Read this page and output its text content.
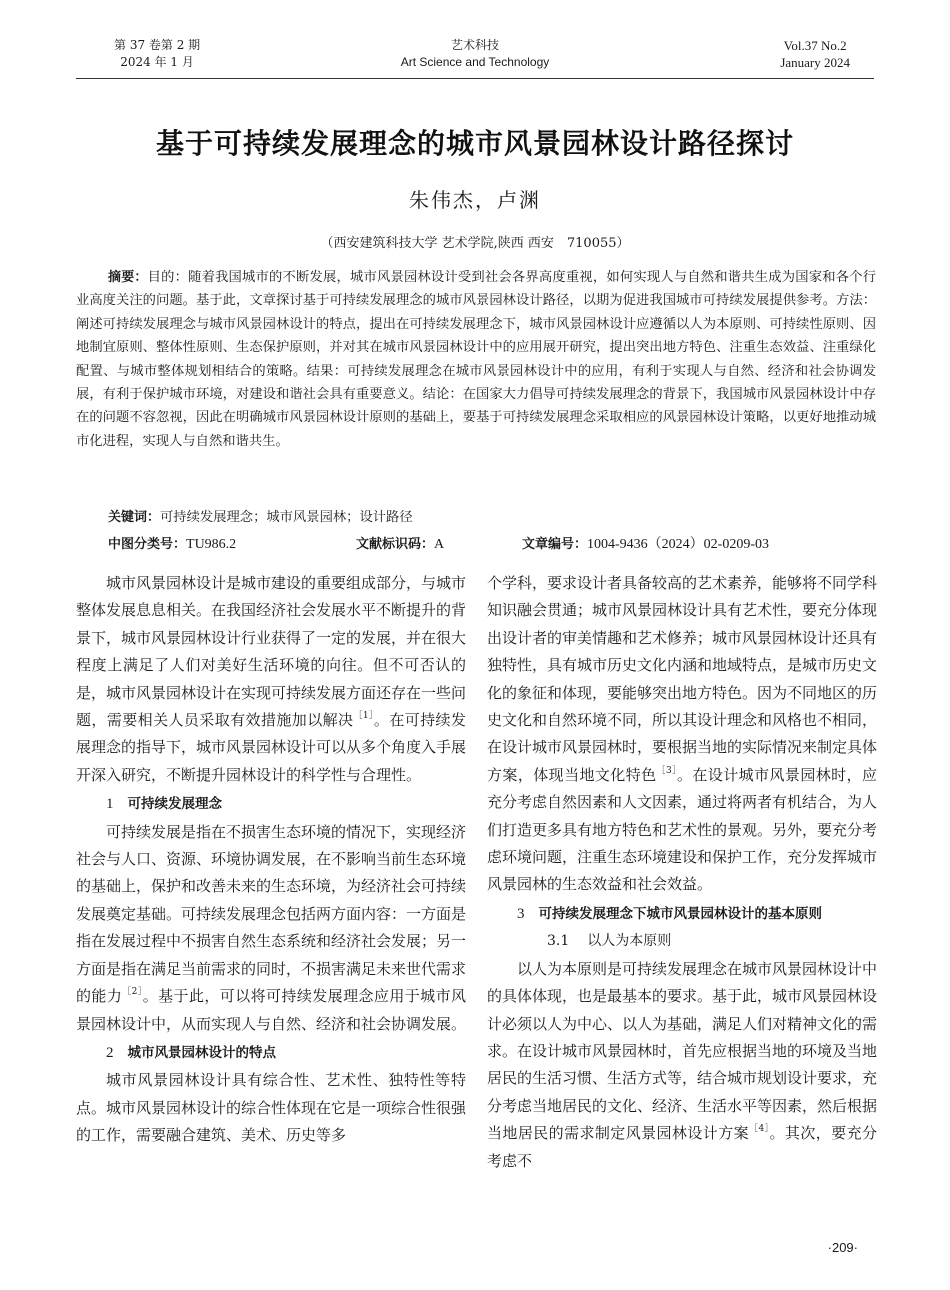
第 37 卷第 2 期
2024 年 1 月
艺术科技
Art Science and Technology
Vol.37 No.2
January 2024
基于可持续发展理念的城市风景园林设计路径探讨
朱伟杰，卢渊
（西安建筑科技大学 艺术学院,陕西 西安　710055）

摘要：目的：随着我国城市的不断发展，城市风景园林设计受到社会各界高度重视，如何实现人与自然和谐共生成为国家和各个行业高度关注的问题。基于此，文章探讨基于可持续发展理念的城市风景园林设计路径，以期为促进我国城市可持续发展提供参考。方法：阐述可持续发展理念与城市风景园林设计的特点，提出在可持续发展理念下，城市风景园林设计应遵循以人为本原则、可持续性原则、因地制宜原则、整体性原则、生态保护原则，并对其在城市风景园林设计中的应用展开研究，提出突出地方特色、注重生态效益、注重绿化配置、与城市整体规划相结合的策略。结果：可持续发展理念在城市风景园林设计中的应用，有利于实现人与自然、经济和社会协调发展，有利于保护城市环境，对建设和谐社会具有重要意义。结论：在国家大力倡导可持续发展理念的背景下，我国城市风景园林设计中存在的问题不容忽视，因此在明确城市风景园林设计原则的基础上，要基于可持续发展理念采取相应的风景园林设计策略，以更好地推动城市化进程，实现人与自然和谐共生。

关键词：可持续发展理念；城市风景园林；设计路径
中图分类号：TU986.2	文献标识码：A	文章编号：1004-9436（2024）02-0209-03

城市风景园林设计是城市建设的重要组成部分，与城市整体发展息息相关。在我国经济社会发展水平不断提升的背景下，城市风景园林设计行业获得了一定的发展，并在很大程度上满足了人们对美好生活环境的向往。但不可否认的是，城市风景园林设计在实现可持续发展方面还存在一些问题，需要相关人员采取有效措施加以解决$^{[1]}$。在可持续发展理念的指导下，城市风景园林设计可以从多个角度入手展开深入研究，不断提升园林设计的科学性与合理性。

1 可持续发展理念

可持续发展是指在不损害生态环境的情况下，实现经济社会与人口、资源、环境协调发展，在不影响当前生态环境的基础上，保护和改善未来的生态环境，为经济社会可持续发展奠定基础。可持续发展理念包括两方面内容：一方面是指在发展过程中不损害自然生态系统和经济社会发展；另一方面是指在满足当前需求的同时，不损害满足未来世代需求的能力$^{[2]}$。基于此，可以将可持续发展理念应用于城市风景园林设计中，从而实现人与自然、经济和社会协调发展。

2 城市风景园林设计的特点

城市风景园林设计具有综合性、艺术性、独特性等特点。城市风景园林设计的综合性体现在它是一项综合性很强的工作，需要融合建筑、美术、历史等多

个学科，要求设计者具备较高的艺术素养，能够将不同学科知识融会贯通；城市风景园林设计具有艺术性，要充分体现出设计者的审美情趣和艺术修养；城市风景园林设计还具有独特性，具有城市历史文化内涵和地域特点，是城市历史文化的象征和体现，要能够突出地方特色。因为不同地区的历史文化和自然环境不同，所以其设计理念和风格也不相同，在设计城市风景园林时，要根据当地的实际情况来制定具体方案，体现当地文化特色$^{[3]}$。在设计城市风景园林时，应充分考虑自然因素和人文因素，通过将两者有机结合，为人们打造更多具有地方特色和艺术性的景观。另外，要充分考虑环境问题，注重生态环境建设和保护工作，充分发挥城市风景园林的生态效益和社会效益。

3 可持续发展理念下城市风景园林设计的基本原则

3.1 以人为本原则

以人为本原则是可持续发展理念在城市风景园林设计中的具体体现，也是最基本的要求。基于此，城市风景园林设计必须以人为中心、以人为基础，满足人们对精神文化的需求。在设计城市风景园林时，首先应根据当地的环境及当地居民的生活习惯、生活方式等，结合城市规划设计要求，充分考虑当地居民的文化、经济、生活水平等因素，然后根据当地居民的需求制定风景园林设计方案$^{[4]}$。其次，要充分考虑不

·209·
